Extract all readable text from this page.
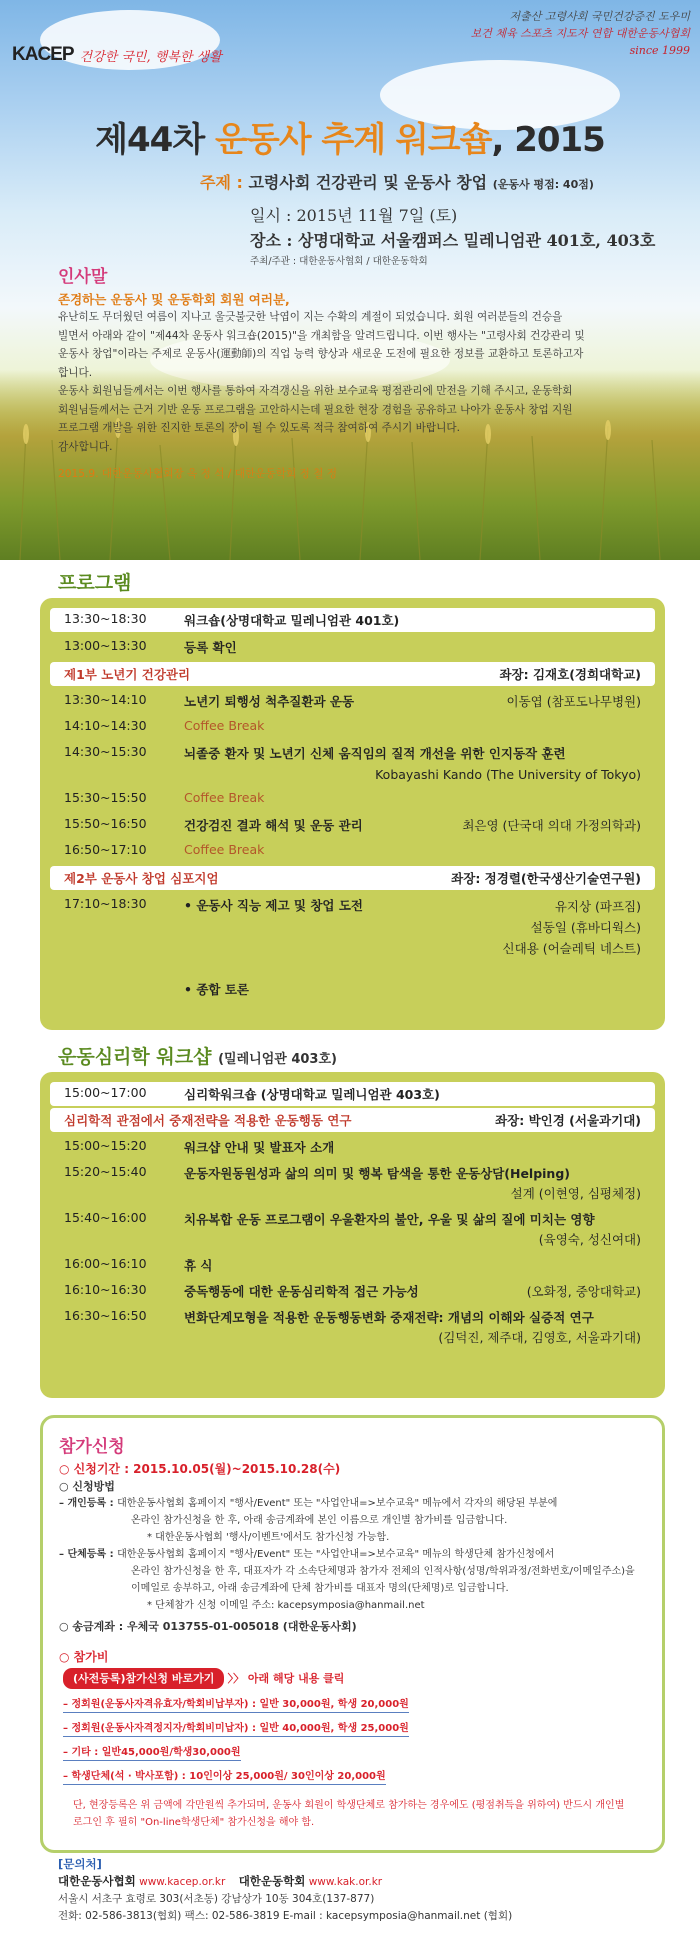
KACEP 건강한 국민, 행복한 생활
저출산 고령사회 국민건강증진 도우미
보건 체육 스포츠 지도자 연합 대한운동사협회
since 1999
제44차 운동사 추계 워크숍, 2015
주제 : 고령사회 건강관리 및 운동사 창업 (운동사 평점: 40점)
일시 : 2015년 11월 7일 (토)
장소 : 상명대학교 서울캠퍼스 밀레니엄관 401호, 403호
주최/주관 : 대한운동사협회 / 대한운동학회
인사말
존경하는 운동사 및 운동학회 회원 여러분,

유난히도 무더웠던 여름이 지나고 울긋불긋한 낙엽이 지는 수확의 계절이 되었습니다. 회원 여러분들의 건승을
빌면서 아래와 같이 "제44차 운동사 워크숍(2015)"을 개최함을 알려드립니다. 이번 행사는 "고령사회 건강관리 및
운동사 창업"이라는 주제로 운동사(運動師)의 직업 능력 향상과 새로운 도전에 필요한 정보를 교환하고 토론하고자
합니다.
운동사 회원님들께서는 이번 행사를 통하여 자격갱신을 위한 보수교육 평점관리에 만전을 기해 주시고, 운동학회
회원님들께서는 근거 기반 운동 프로그램을 고안하시는데 필요한 현장 경험을 공유하고 나아가 운동사 창업 지원
프로그램 개발을 위한 진지한 토론의 장이 될 수 있도록 적극 참여하여 주시기 바랍니다.
감사합니다.

2015.9. 대한운동사협회장 옥 정 석 / 대한운동학회 정 철 정
프로그램
13:30~18:30	워크숍(상명대학교 밀레니엄관 401호)
13:00~13:30	등록 확인
제1부 노년기 건강관리	좌장: 김재호(경희대학교)
13:30~14:10	노년기 퇴행성 척추질환과 운동	이동엽 (참포도나무병원)
14:10~14:30	Coffee Break
14:30~15:30	뇌졸중 환자 및 노년기 신체 움직임의 질적 개선을 위한 인지동작 훈련
Kobayashi Kando (The University of Tokyo)
15:30~15:50	Coffee Break
15:50~16:50	건강검진 결과 해석 및 운동 관리	최은영 (단국대 의대 가정의학과)
16:50~17:10	Coffee Break
제2부 운동사 창업 심포지엄	좌장: 정경렬(한국생산기술연구원)
17:10~18:30	• 운동사 직능 제고 및 창업 도전	유지상 (파프짐)
설동일 (휴바디웍스)
신대용 (어슬레틱 네스트)
• 종합 토론
운동심리학 워크샵 (밀레니엄관 403호)
15:00~17:00	심리학워크숍 (상명대학교 밀레니엄관 403호)
심리학적 관점에서 중재전략을 적용한 운동행동 연구	좌장: 박인경 (서울과기대)
15:00~15:20	워크샵 안내 및 발표자 소개
15:20~15:40	운동자원동원성과 삶의 의미 및 행복 탐색을 통한 운동상담(Helping)
설계 (이현영, 심평체정)
15:40~16:00	치유복합 운동 프로그램이 우울환자의 불안, 우울 및 삶의 질에 미치는 영향
(육영숙, 성신여대)
16:00~16:10	휴 식
16:10~16:30	중독행동에 대한 운동심리학적 접근 가능성	(오화정, 중앙대학교)
16:30~16:50	변화단계모형을 적용한 운동행동변화 중재전략: 개념의 이해와 실증적 연구
(김덕진, 제주대, 김영호, 서울과기대)
참가신청
○ 신청기간 : 2015.10.05(월)~2015.10.28(수)
○ 신청방법
– 개인등록 : 대한운동사협회 홈페이지 "행사/Event" 또는 "사업안내=>보수교육" 메뉴에서 각자의 해당된 부분에
온라인 참가신청을 한 후, 아래 송금계좌에 본인 이름으로 개인별 참가비를 입금합니다.
* 대한운동사협회 '행사/이벤트'에서도 참가신청 가능함.
– 단체등록 : 대한운동사협회 홈페이지 "행사/Event" 또는 "사업안내=>보수교육" 메뉴의 학생단체 참가신청에서
온라인 참가신청을 한 후, 대표자가 각 소속단체명과 참가자 전체의 인적사항(성명/학위과정/전화번호/이메일주소)을
이메일로 송부하고, 아래 송금계좌에 단체 참가비를 대표자 명의(단체명)로 입금합니다.
* 단체참가 신청 이메일 주소: kacepsymposia@hanmail.net
○ 송금계좌 : 우체국 013755-01-005018 (대한운동사회)
○ 참가비
(사전등록)참가신청 바로가기 〉〉 아래 해당 내용 클릭
– 정회원(운동사자격유효자/학회비납부자) : 일반 30,000원, 학생 20,000원
– 정회원(운동사자격정지자/학회비미납자) : 일반 40,000원, 학생 25,000원
– 기타 : 일반45,000원/학생30,000원
– 학생단체(석 · 박사포함) : 10인이상 25,000원/ 30인이상 20,000원
단, 현장등록은 위 금액에 각만원씩 추가되며, 운동사 회원이 학생단체로 참가하는 경우에도 (평점취득을 위하여) 반드시 개인별
로그인 후 필히 "On-line학생단체" 참가신청을 해야 함.
[문의처]
대한운동사협회 www.kacep.or.kr 대한운동학회 www.kak.or.kr
서울시 서초구 효령로 303(서초동) 강남상가 10동 304호(137-877)
전화: 02-586-3813(협회) 팩스: 02-586-3819 E-mail : kacepsymposia@hanmail.net (협회)
